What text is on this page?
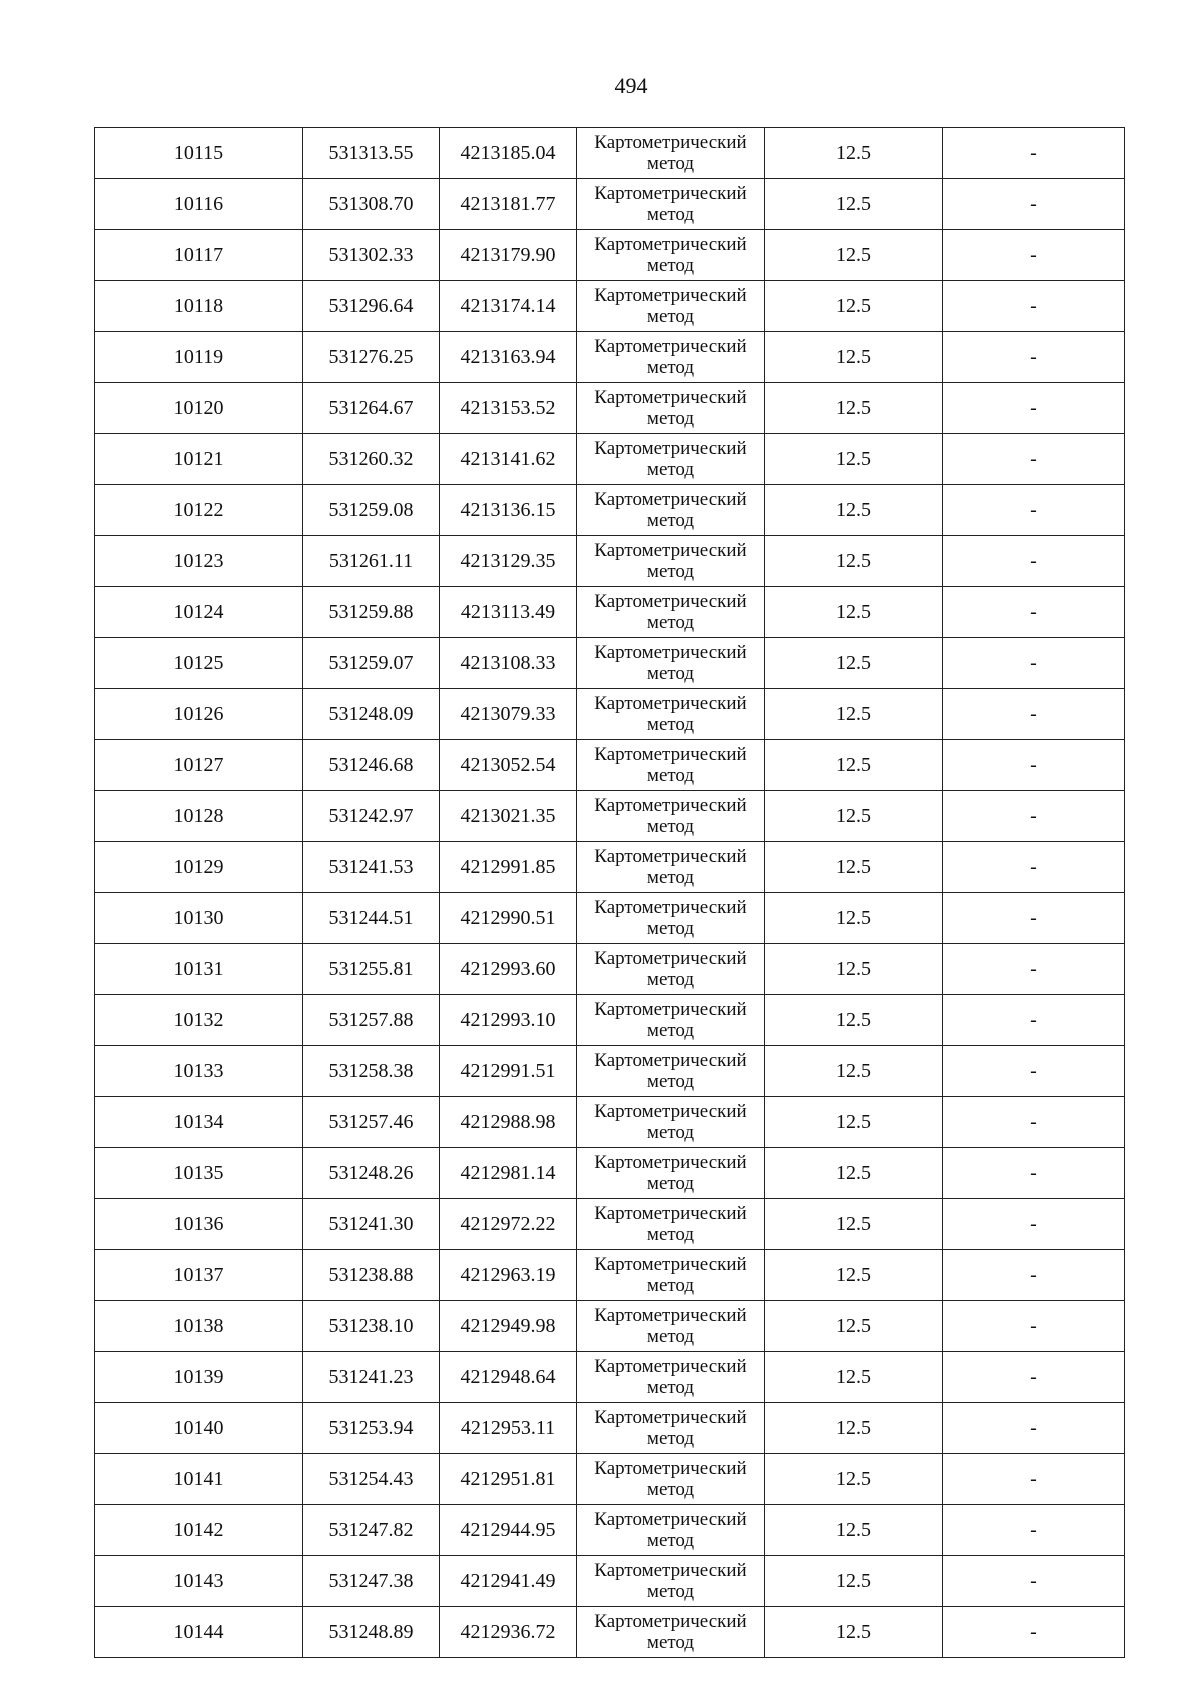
494
10115	531313.55	4213185.04	Картометрический метод	12.5	-
10116	531308.70	4213181.77	Картометрический метод	12.5	-
10117	531302.33	4213179.90	Картометрический метод	12.5	-
10118	531296.64	4213174.14	Картометрический метод	12.5	-
10119	531276.25	4213163.94	Картометрический метод	12.5	-
10120	531264.67	4213153.52	Картометрический метод	12.5	-
10121	531260.32	4213141.62	Картометрический метод	12.5	-
10122	531259.08	4213136.15	Картометрический метод	12.5	-
10123	531261.11	4213129.35	Картометрический метод	12.5	-
10124	531259.88	4213113.49	Картометрический метод	12.5	-
10125	531259.07	4213108.33	Картометрический метод	12.5	-
10126	531248.09	4213079.33	Картометрический метод	12.5	-
10127	531246.68	4213052.54	Картометрический метод	12.5	-
10128	531242.97	4213021.35	Картометрический метод	12.5	-
10129	531241.53	4212991.85	Картометрический метод	12.5	-
10130	531244.51	4212990.51	Картометрический метод	12.5	-
10131	531255.81	4212993.60	Картометрический метод	12.5	-
10132	531257.88	4212993.10	Картометрический метод	12.5	-
10133	531258.38	4212991.51	Картометрический метод	12.5	-
10134	531257.46	4212988.98	Картометрический метод	12.5	-
10135	531248.26	4212981.14	Картометрический метод	12.5	-
10136	531241.30	4212972.22	Картометрический метод	12.5	-
10137	531238.88	4212963.19	Картометрический метод	12.5	-
10138	531238.10	4212949.98	Картометрический метод	12.5	-
10139	531241.23	4212948.64	Картометрический метод	12.5	-
10140	531253.94	4212953.11	Картометрический метод	12.5	-
10141	531254.43	4212951.81	Картометрический метод	12.5	-
10142	531247.82	4212944.95	Картометрический метод	12.5	-
10143	531247.38	4212941.49	Картометрический метод	12.5	-
10144	531248.89	4212936.72	Картометрический метод	12.5	-
